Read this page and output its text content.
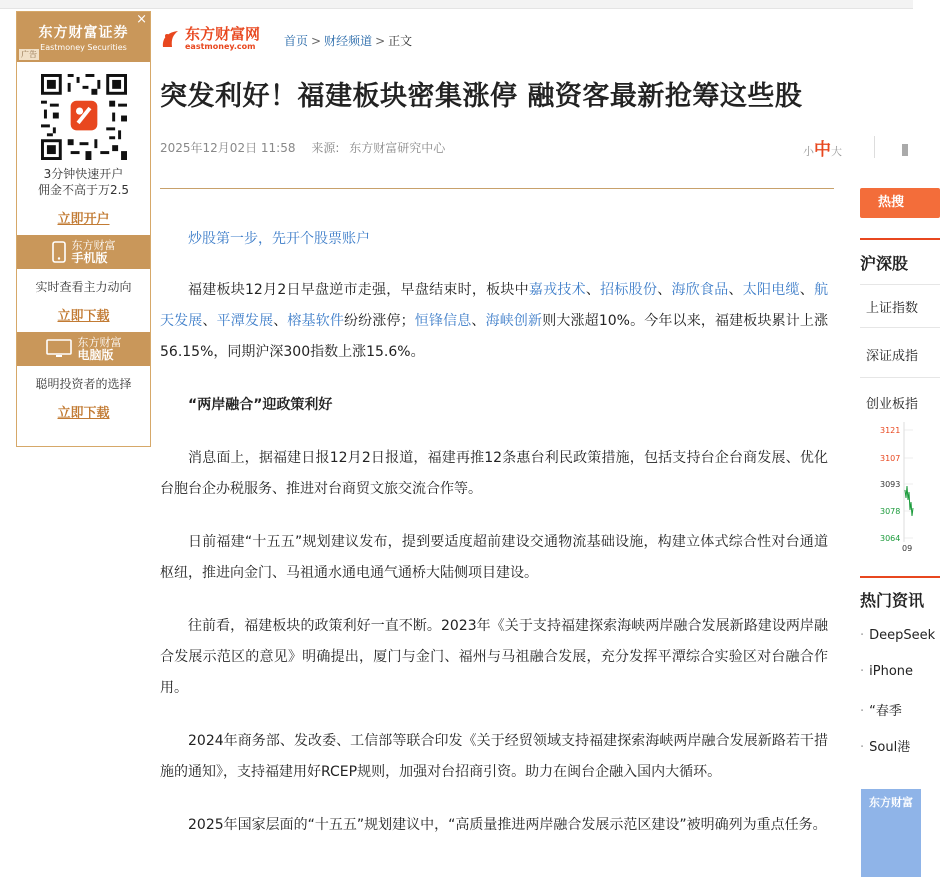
×
东方财富证券
Eastmoney Securities
广告
3分钟快速开户
佣金不高于万2.5
立即开户
东方财富
手机版
实时查看主力动向
立即下载
东方财富
电脑版
聪明投资者的选择
立即下载
东方财富网
eastmoney.com	首页 > 财经频道 > 正文
突发利好！福建板块密集涨停 融资客最新抢筹这些股
2025年12月02日 11:58 来源: 东方财富研究中心	小中大

炒股第一步，先开个股票账户

福建板块12月2日早盘逆市走强，早盘结束时，板块中嘉戎技术、招标股份、海欣食品、太阳电缆、航天发展、平潭发展、榕基软件纷纷涨停；恒锋信息、海峡创新则大涨超10%。今年以来，福建板块累计上涨56.15%，同期沪深300指数上涨15.6%。

“两岸融合”迎政策利好

消息面上，据福建日报12月2日报道，福建再推12条惠台利民政策措施，包括支持台企台商发展、优化台胞台企办税服务、推进对台商贸文旅交流合作等。

日前福建“十五五”规划建议发布，提到要适度超前建设交通物流基础设施，构建立体式综合性对台通道枢纽，推进向金门、马祖通水通电通气通桥大陆侧项目建设。

往前看，福建板块的政策利好一直不断。2023年《关于支持福建探索海峡两岸融合发展新路建设两岸融合发展示范区的意见》明确提出，厦门与金门、福州与马祖融合发展，充分发挥平潭综合实验区对台融合作用。

2024年商务部、发改委、工信部等联合印发《关于经贸领域支持福建探索海峡两岸融合发展新路若干措施的通知》，支持福建用好RCEP规则，加强对台招商引资。助力在闽台企融入国内大循环。

2025年国家层面的“十五五”规划建议中，“高质量推进两岸融合发展示范区建设”被明确列为重点任务。

热搜
沪深股
上证指数
深证成指
创业板指
3121
3107
3093
3078
3064
09
热门资讯
· DeepSeek
· iPhone
· “春季
· Soul港
东方财富
